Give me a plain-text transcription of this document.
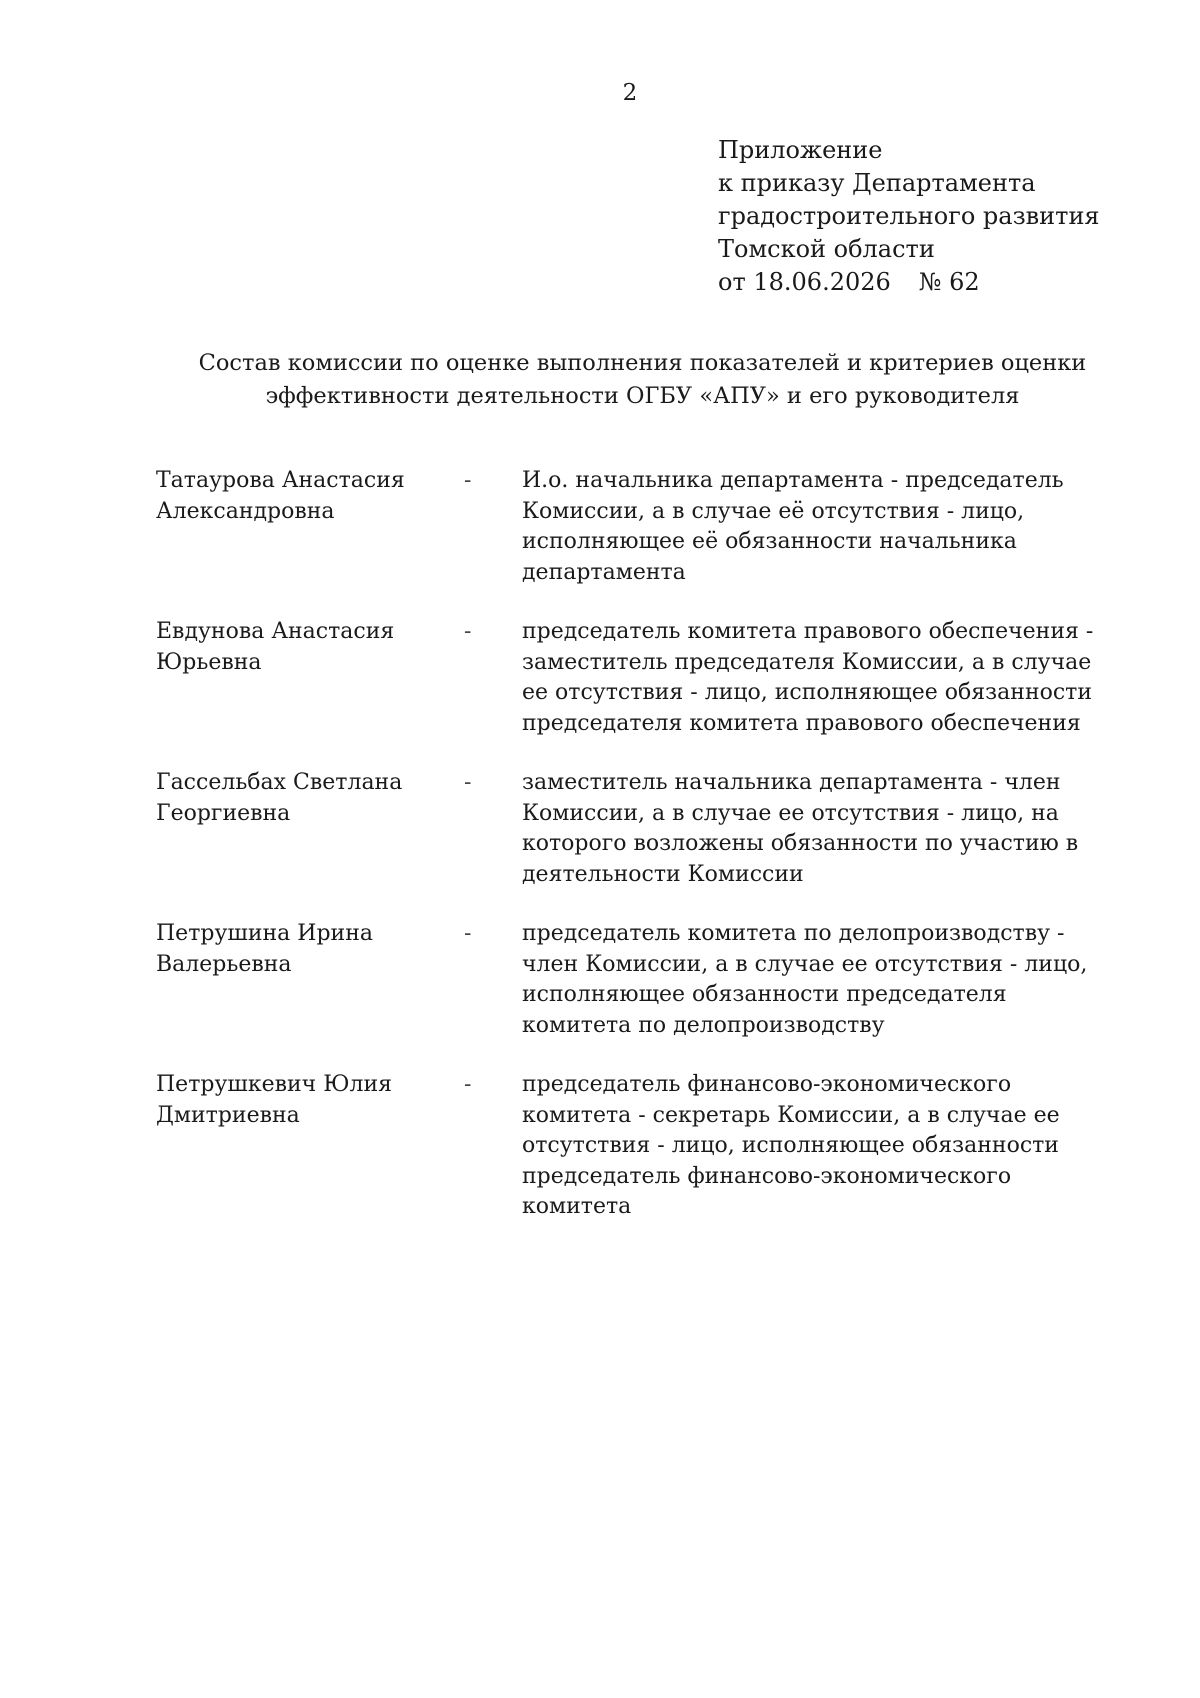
2
Приложение
к приказу Департамента
градостроительного развития
Томской области
от 18.06.2026 № 62
Состав комиссии по оценке выполнения показателей и критериев оценки
эффективности деятельности ОГБУ «АПУ» и его руководителя
Татаурова Анастасия
Александровна
- И.о. начальника департамента - председатель
Комиссии, а в случае её отсутствия - лицо,
исполняющее её обязанности начальника
департамента
Евдунова Анастасия
Юрьевна
- председатель комитета правового обеспечения -
заместитель председателя Комиссии, а в случае
ее отсутствия - лицо, исполняющее обязанности
председателя комитета правового обеспечения
Гассельбах Светлана
Георгиевна
- заместитель начальника департамента - член
Комиссии, а в случае ее отсутствия - лицо, на
которого возложены обязанности по участию в
деятельности Комиссии
Петрушина Ирина
Валерьевна
- председатель комитета по делопроизводству -
член Комиссии, а в случае ее отсутствия - лицо,
исполняющее обязанности председателя
комитета по делопроизводству
Петрушкевич Юлия
Дмитриевна
- председатель финансово-экономического
комитета - секретарь Комиссии, а в случае ее
отсутствия - лицо, исполняющее обязанности
председатель финансово-экономического
комитета
